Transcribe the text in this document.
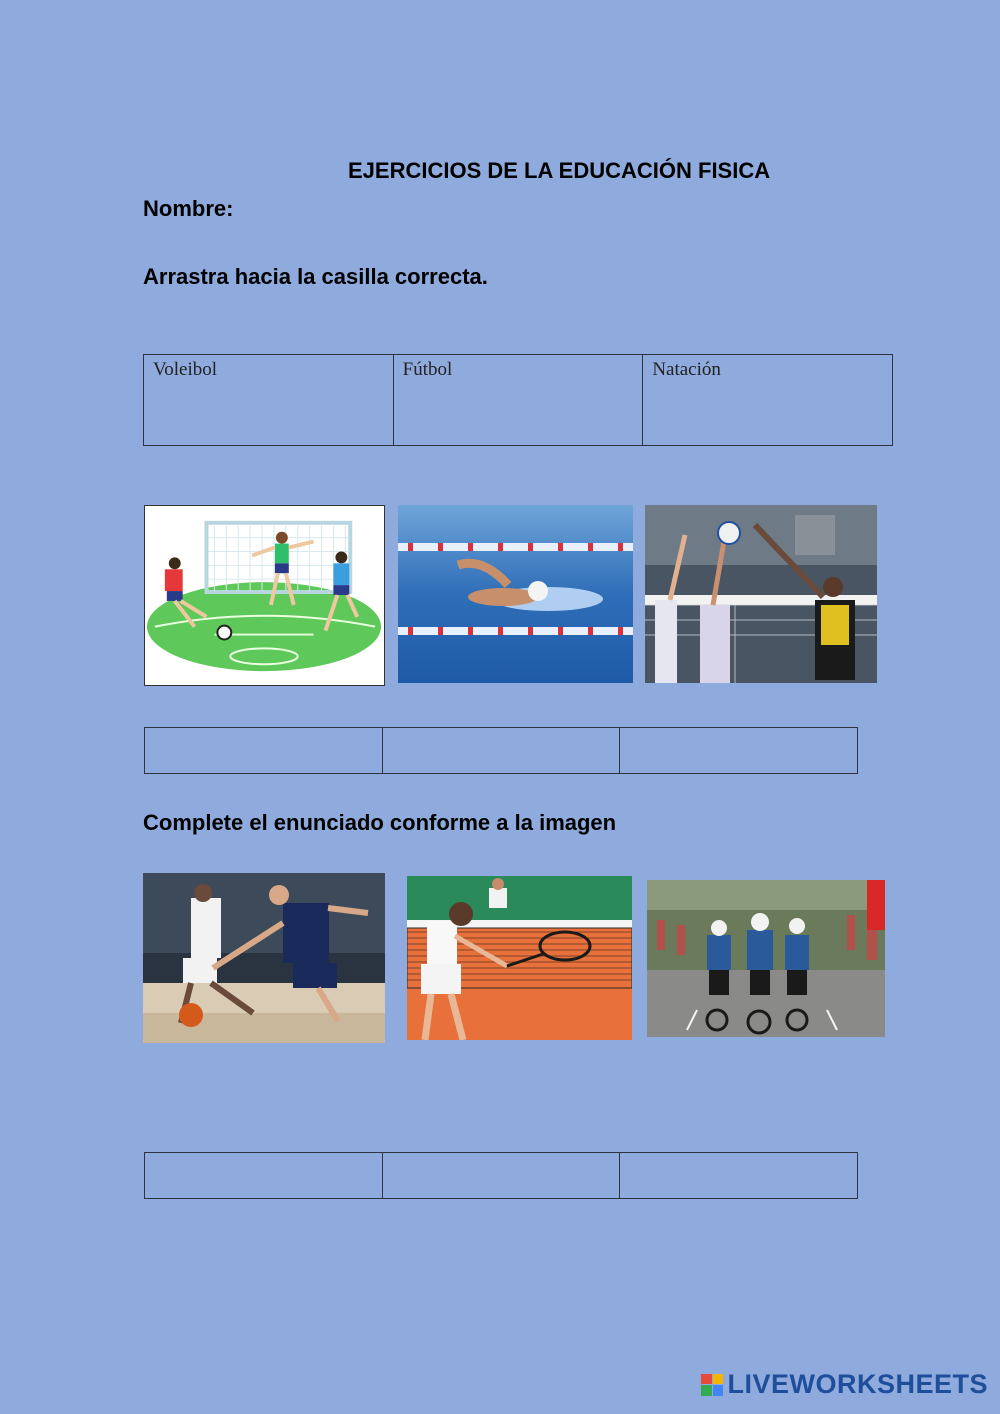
EJERCICIOS DE LA EDUCACIÓN FISICA
Nombre:
Arrastra hacia la casilla correcta.
Voleibol	Fútbol	Natación

Complete el enunciado conforme a la imagen

LIVEWORKSHEETS
